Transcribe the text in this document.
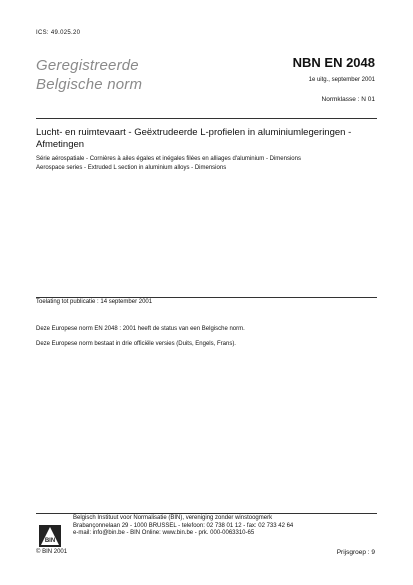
ICS: 49.025.20
Geregistreerde
Belgische norm
NBN EN 2048
1e uitg., september 2001
Normklasse : N 01

Lucht- en ruimtevaart - Geëxtrudeerde L-profielen in aluminiumlegeringen - Afmetingen

Série aérospatiale - Cornières à ailes égales et inégales filées en alliages d'aluminium - Dimensions

Aerospace series - Extruded L section in aluminium alloys - Dimensions

Toelating tot publicatie : 14 september 2001
Deze Europese norm EN 2048 : 2001 heeft de status van een Belgische norm.
Deze Europese norm bestaat in drie officiële versies (Duits, Engels, Frans).
BIN
Belgisch Instituut voor Normalisatie (BIN), vereniging zonder winstoogmerk
Brabançonnelaan 29 - 1000 BRUSSEL - telefoon: 02 738 01 12 - fax: 02 733 42 64
e-mail: info@bin.be - BIN Online: www.bin.be - prk. 000-0063310-65
© BIN 2001	Prijsgroep : 9
